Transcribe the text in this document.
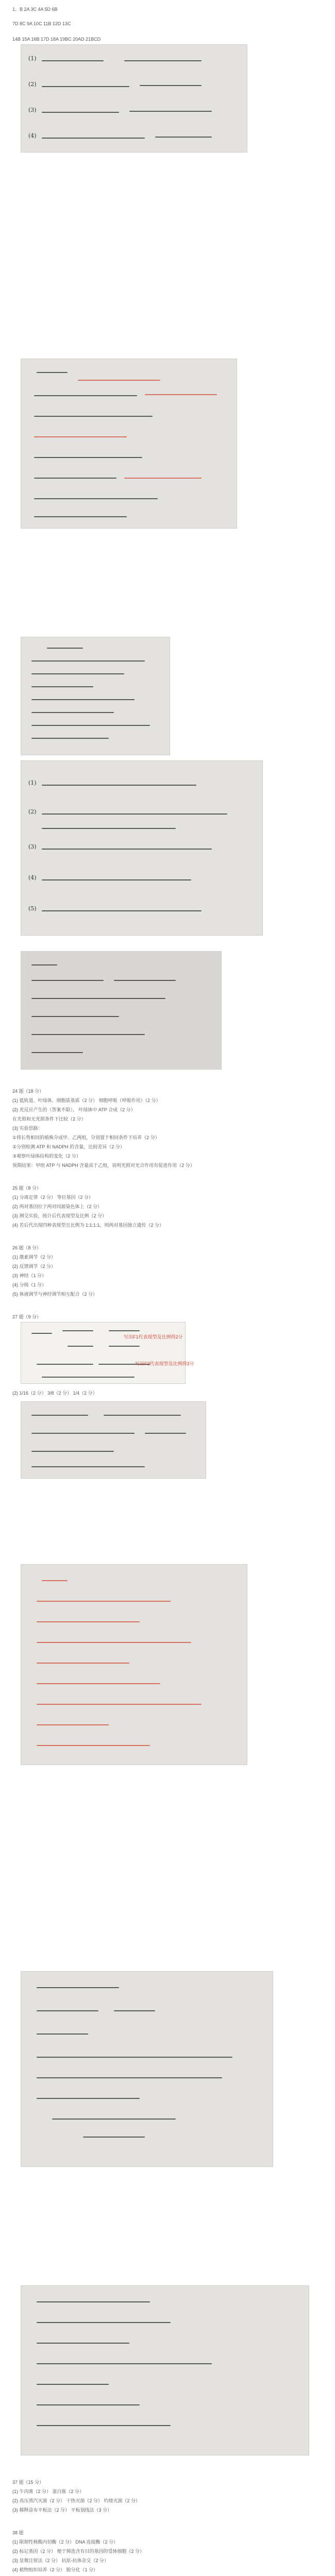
1、B 2A 3C 4A 5D 6B
7D 8C 9A 10C 11B 12D 13C
14B 15A 16B 17D 18A 19BC 20AD 21BCD
(1)
(2)
(3)
(4)
(1)
(2)
(3)
(4)
(5)
24 题（18 分）
(1) 低轨道、叶绿体、细胞质基质（2 分） 细胞呼吸（呼吸作用）（2 分）
(2) 光反应产生的（答案不限）， 叶绿体中 ATP 合成（2 分）
在光照和无光照条件下比较（2 分）
(3) 实验思路：
①将长势相同的植株分成甲、乙两组，分别置于相同条件下培养（2 分）
②分别检测 ATP 和 NADPH 的含量，比较差异（2 分）
③观察叶绿体结构的变化（2 分）
预期结果：甲组 ATP 与 NADPH 含量高于乙组，说明光照对光合作用有促进作用（2 分）
25 题（8 分）
(1) 分离定律（2 分） 等位基因（2 分）
(2) 两对基因位于两对同源染色体上（2 分）
(3) 测交实验，统计后代表现型及比例（2 分）
(4) 若后代出现四种表现型且比例为 1:1:1:1，则两对基因独立遗传（2 分）
26 题（8 分）
(1) 激素调节（2 分）
(2) 反馈调节（2 分）
(3) 神经（1 分）
(4) 分级（1 分）
(5) 体液调节与神经调节相互配合（2 分）
27 题（9 分）
写出F1代表现型及比例得2分
写出F2代表现型及比例得3分
(2) 1/16（2 分） 3/8（2 分） 1/4（2 分）
37 题（15 分）
(1) 牛肉膏（2 分） 蛋白胨（2 分）
(2) 高压蒸汽灭菌（2 分） 干热灭菌（2 分） 灼烧灭菌（2 分）
(3) 稀释涂布平板法（2 分） 平板划线法（3 分）
38 题
(1) 限制性核酸内切酶（2 分） DNA 连接酶（2 分）
(2) 标记基因（2 分） 便于筛选含有目的基因的受体细胞（2 分）
(3) 显微注射法（2 分） 抗原-抗体杂交（2 分）
(4) 植物组织培养（2 分） 脱分化（1 分）
